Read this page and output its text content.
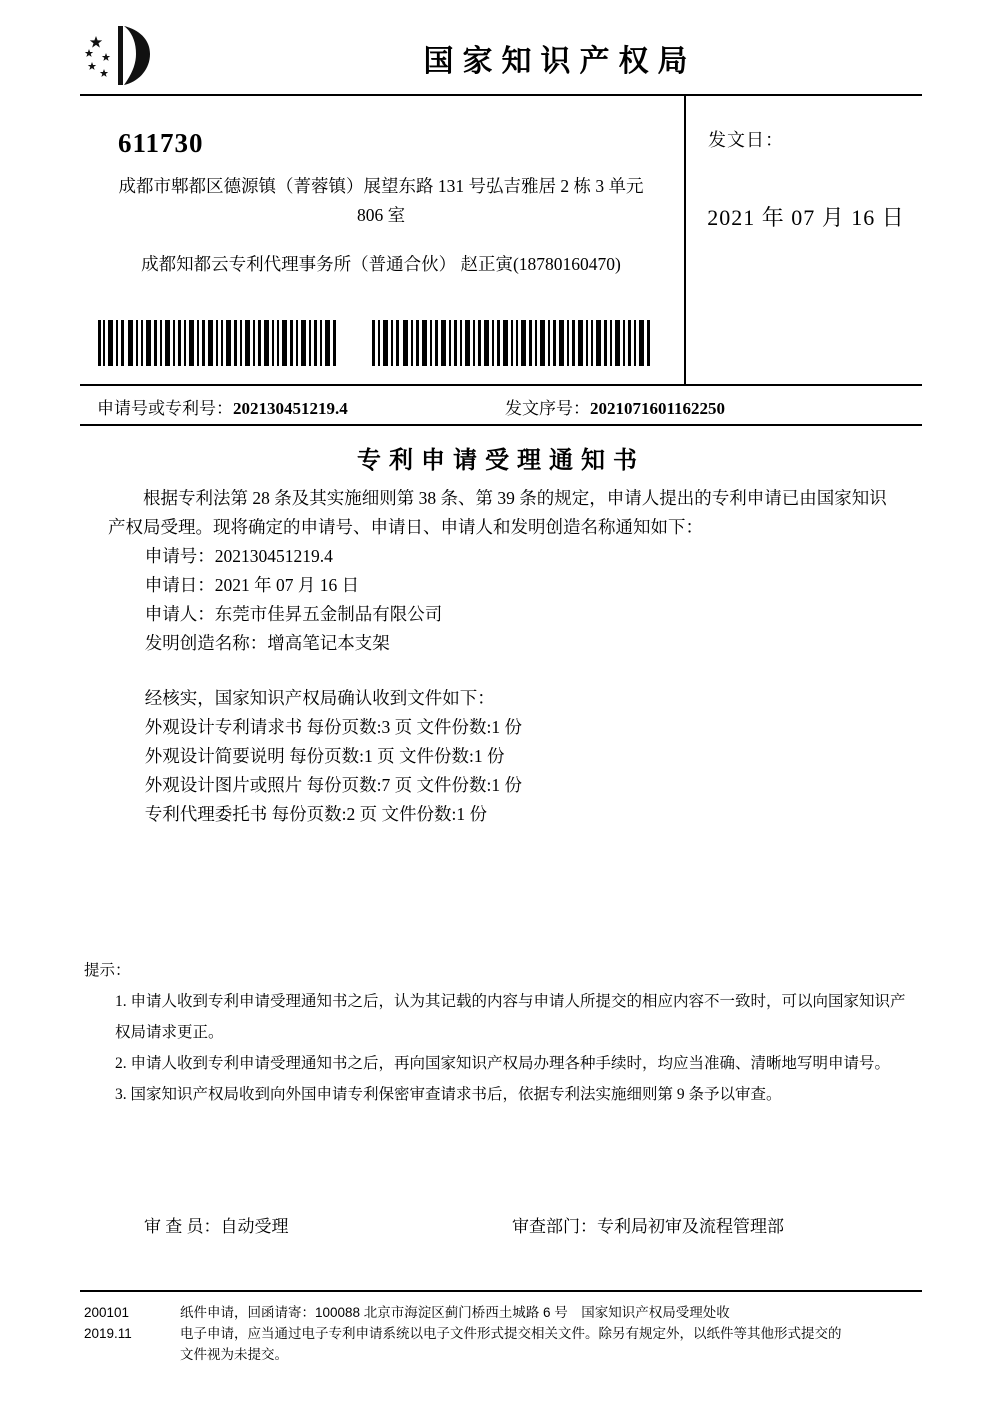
国家知识产权局
611730
成都市郫都区德源镇（菁蓉镇）展望东路 131 号弘吉雅居 2 栋 3 单元
806 室
成都知都云专利代理事务所（普通合伙） 赵正寅(18780160470)
发文日：
2021 年 07 月 16 日
申请号或专利号：202130451219.4	发文序号：2021071601162250
专利申请受理通知书
根据专利法第 28 条及其实施细则第 38 条、第 39 条的规定，申请人提出的专利申请已由国家知识产权局受理。现将确定的申请号、申请日、申请人和发明创造名称通知如下：
申请号：202130451219.4
申请日：2021 年 07 月 16 日
申请人：东莞市佳昇五金制品有限公司
发明创造名称：增高笔记本支架
经核实，国家知识产权局确认收到文件如下：
外观设计专利请求书 每份页数:3 页 文件份数:1 份
外观设计简要说明 每份页数:1 页 文件份数:1 份
外观设计图片或照片 每份页数:7 页 文件份数:1 份
专利代理委托书 每份页数:2 页 文件份数:1 份
提示：
1. 申请人收到专利申请受理通知书之后，认为其记载的内容与申请人所提交的相应内容不一致时，可以向国家知识产权局请求更正。
2. 申请人收到专利申请受理通知书之后，再向国家知识产权局办理各种手续时，均应当准确、清晰地写明申请号。
3. 国家知识产权局收到向外国申请专利保密审查请求书后，依据专利法实施细则第 9 条予以审查。
审 查 员：自动受理	审查部门：专利局初审及流程管理部
200101
2019.11
纸件申请，回函请寄：100088 北京市海淀区蓟门桥西土城路 6 号　国家知识产权局受理处收
电子申请，应当通过电子专利申请系统以电子文件形式提交相关文件。除另有规定外，以纸件等其他形式提交的
文件视为未提交。
